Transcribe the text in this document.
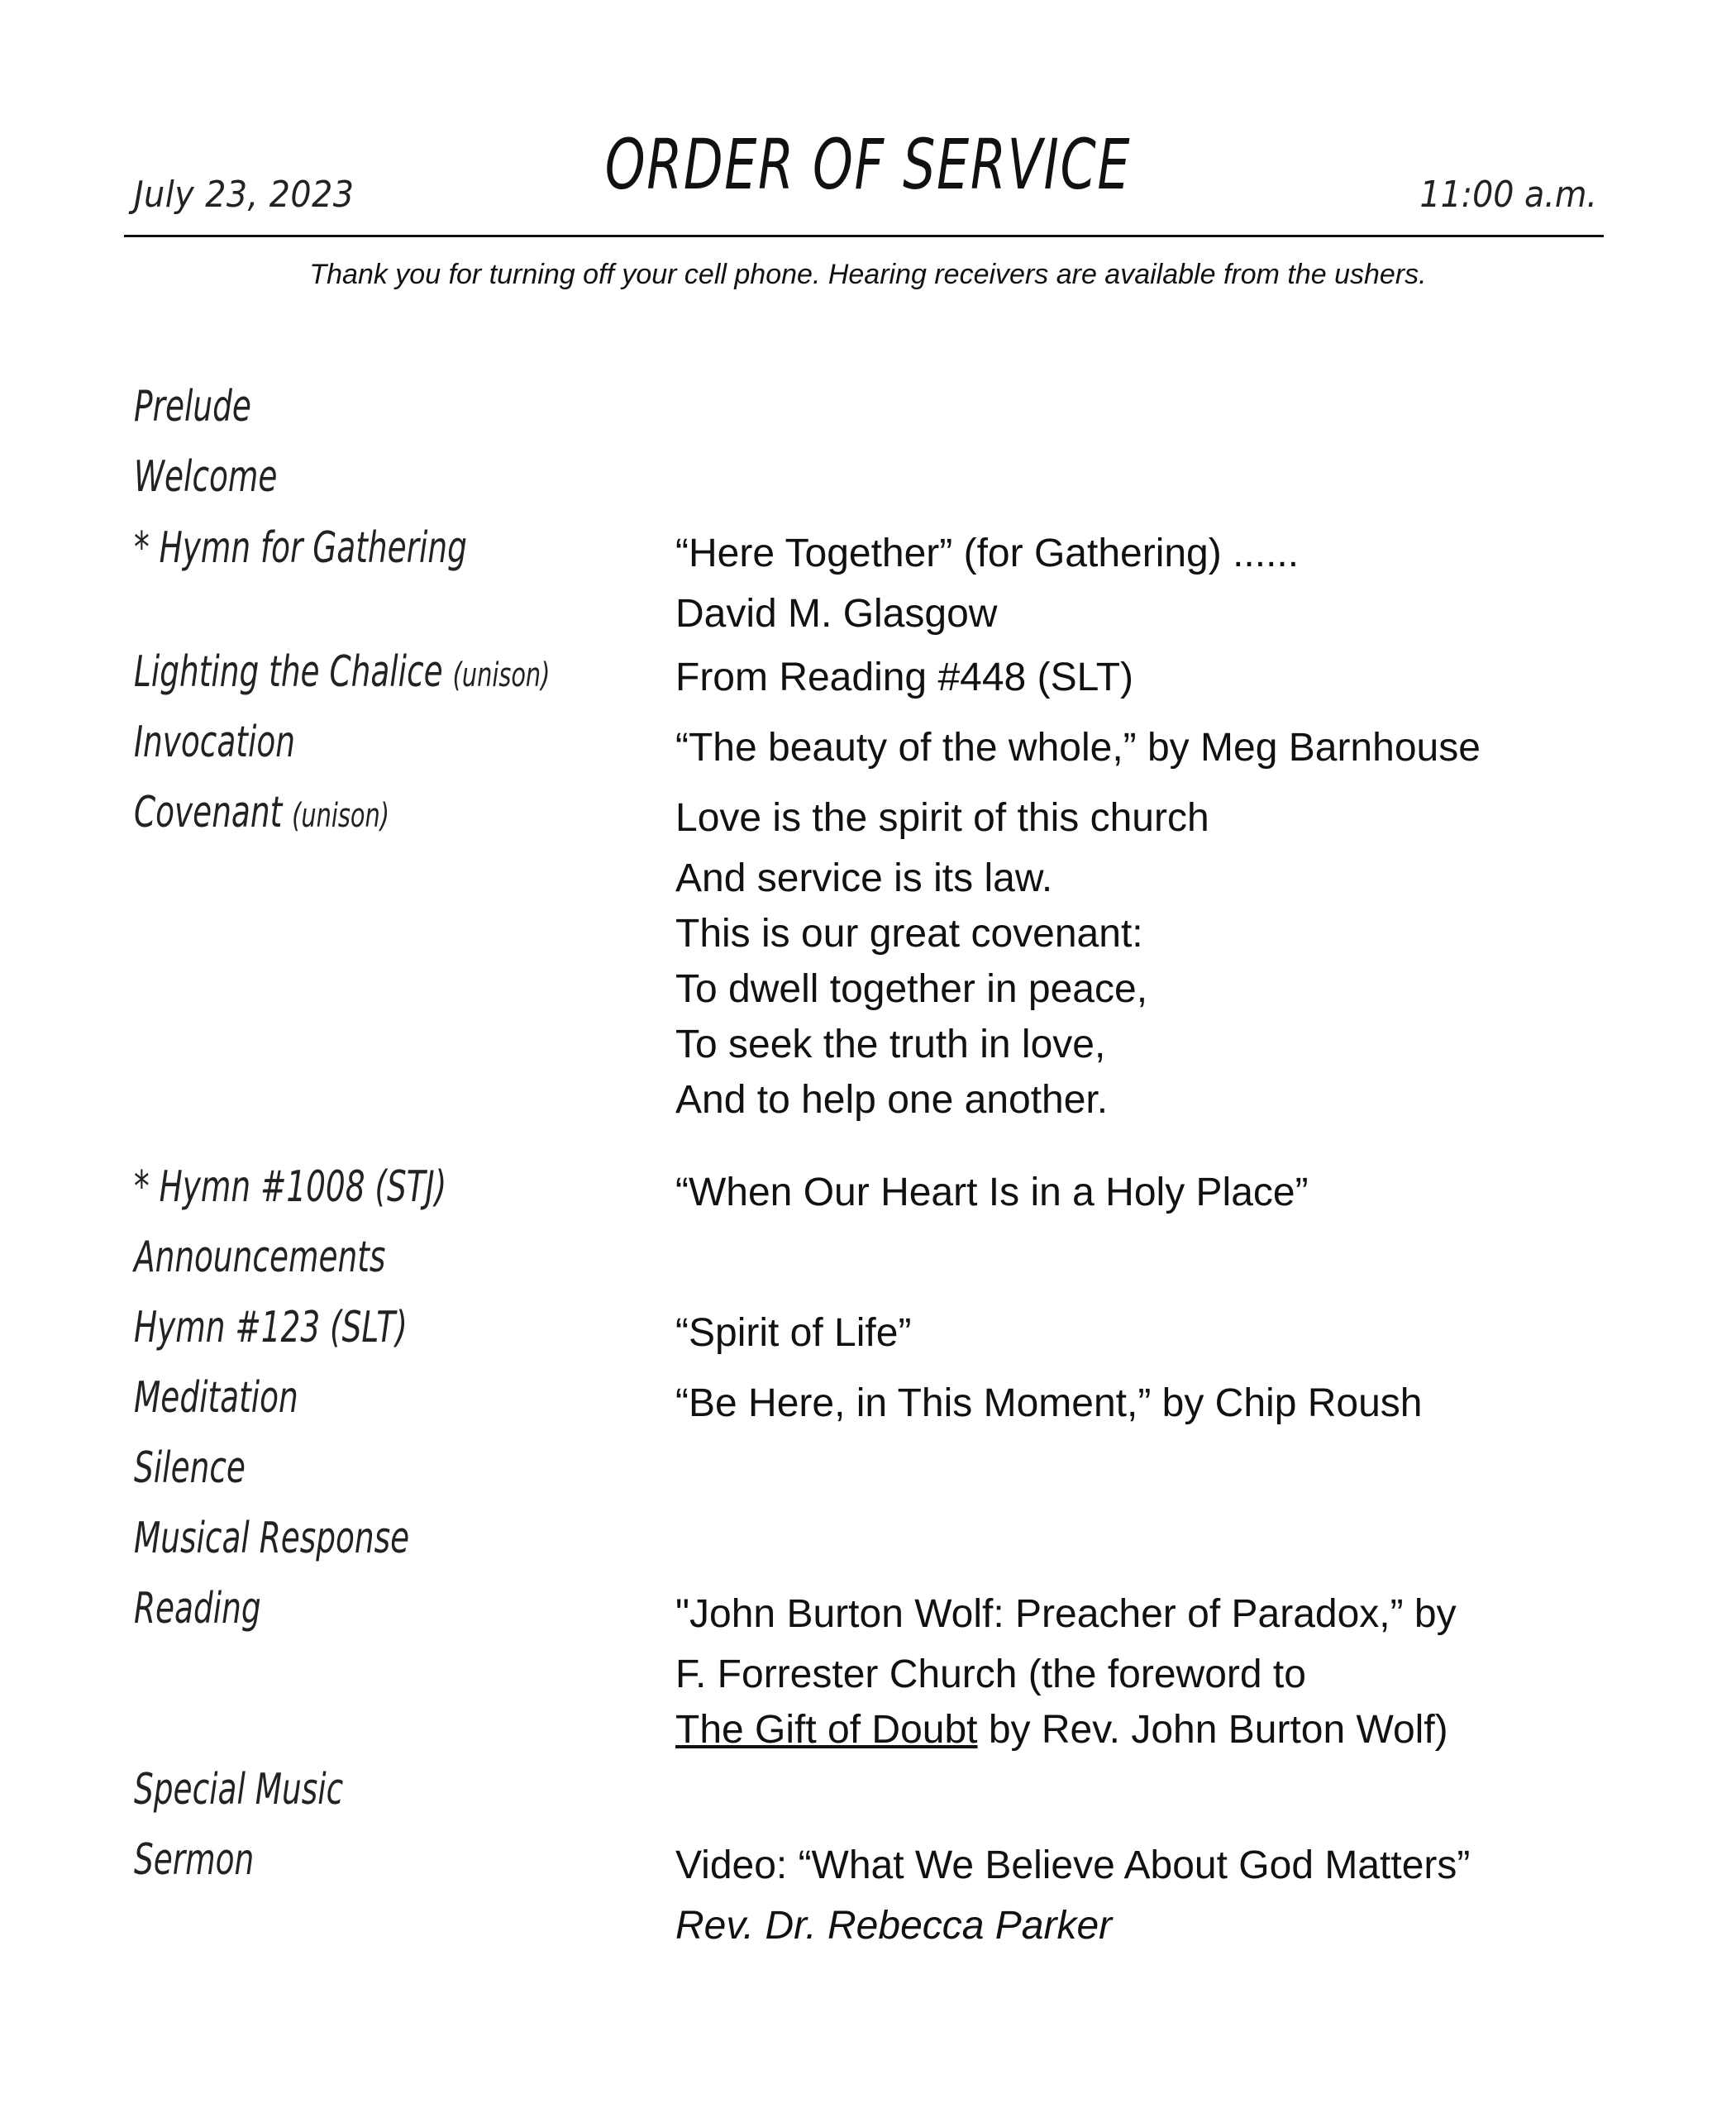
July 23, 2023	ORDER OF SERVICE	11:00 a.m.
Thank you for turning off your cell phone. Hearing receivers are available from the ushers.
Prelude
Welcome
* Hymn for Gathering	“Here Together” (for Gathering) ......
David M. Glasgow
Lighting the Chalice (unison)	From Reading #448 (SLT)
Invocation	“The beauty of the whole,” by Meg Barnhouse
Covenant (unison)	Love is the spirit of this church
And service is its law.
This is our great covenant:
To dwell together in peace,
To seek the truth in love,
And to help one another.
* Hymn #1008 (STJ)	“When Our Heart Is in a Holy Place”
Announcements
Hymn #123 (SLT)	“Spirit of Life”
Meditation	“Be Here, in This Moment,” by Chip Roush
Silence
Musical Response
Reading	"John Burton Wolf: Preacher of Paradox,” by
F. Forrester Church (the foreword to
The Gift of Doubt by Rev. John Burton Wolf)
Special Music
Sermon	Video: “What We Believe About God Matters”
Rev. Dr. Rebecca Parker
